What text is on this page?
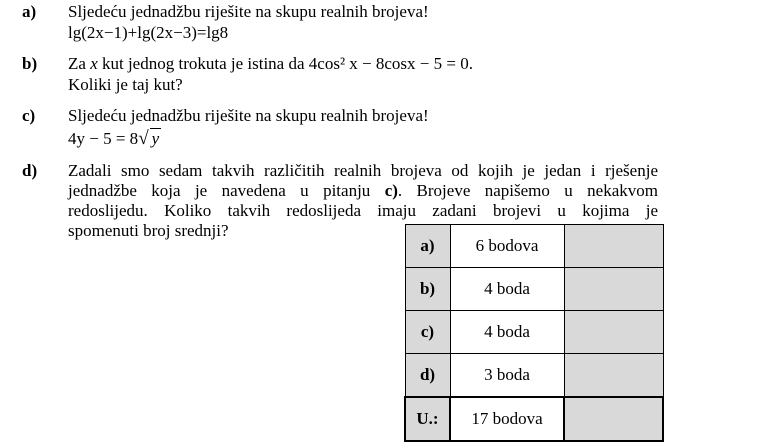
a) Sljedeću jednadžbu riješite na skupu realnih brojeva!
lg(2x−1)+lg(2x−3)=lg8
b) Za x kut jednog trokuta je istina da 4cos² x − 8cosx − 5 = 0.
Koliki je taj kut?
c) Sljedeću jednadžbu riješite na skupu realnih brojeva!
4y − 5 = 8√ y
d) Zadali smo sedam takvih različitih realnih brojeva od kojih je jedan i rješenje
jednadžbe koja je navedena u pitanju c). Brojeve napišemo u nekakvom
redoslijedu. Koliko takvih redoslijeda imaju zadani brojevi u kojima je
spomenuti broj srednji?
a)	6 bodova	
b)	4 boda	
c)	4 boda	
d)	3 boda	
U.:	17 bodova	
